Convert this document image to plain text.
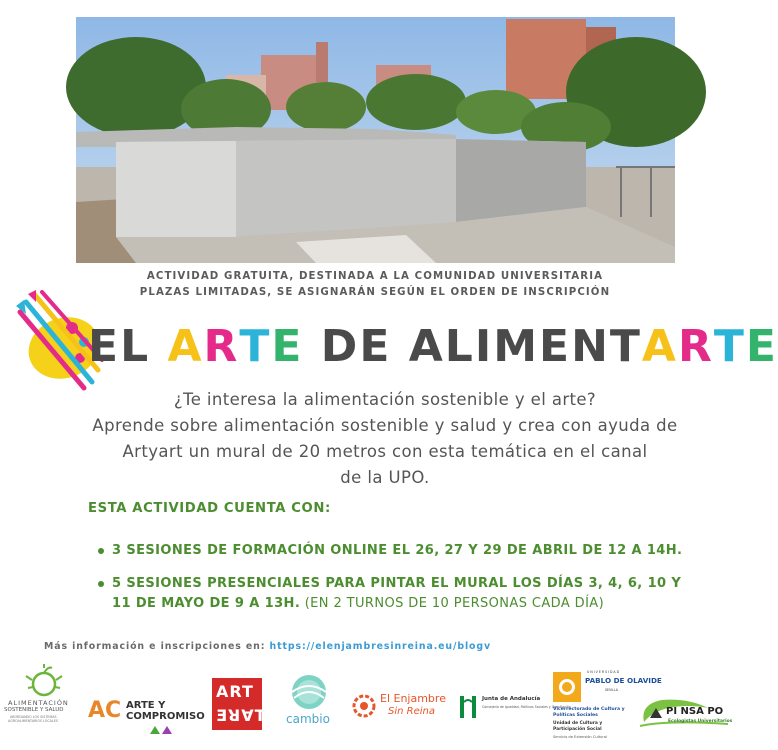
ACTIVIDAD GRATUITA, DESTINADA A LA COMUNIDAD UNIVERSITARIA
PLAZAS LIMITADAS, SE ASIGNARÁN SEGÚN EL ORDEN DE INSCRIPCIÓN
EL ARTE DE ALIMENTARTE
¿Te interesa la alimentación sostenible y el arte?
Aprende sobre alimentación sostenible y salud y crea con ayuda de
Artyart un mural de 20 metros con esta temática en el canal
de la UPO.
ESTA ACTIVIDAD CUENTA CON:
3 SESIONES DE FORMACIÓN ONLINE EL 26, 27 Y 29 DE ABRIL DE 12 A 14H.
5 SESIONES PRESENCIALES PARA PINTAR EL MURAL LOS DÍAS 3, 4, 6, 10 Y
11 DE MAYO DE 9 A 13H. (EN 2 TURNOS DE 10 PERSONAS CADA DÍA)
Más información e inscripciones en: https://elenjambresinreina.eu/blogv
ALIMENTACIÓN
SOSTENIBLE Y SALUD
ABORDANDO LOS SISTEMAS
AGROALIMENTARIOS LOCALES AC ARTE Y
COMPROMISO
ART
ƎꓤꓯT cambio
El Enjambre
Sin Reina
Junta de Andalucía
Consejería de Igualdad, Políticas Sociales y Conciliación
UNIVERSIDAD
PABLO DE OLAVIDE
SEVILLA
Vicerrectorado de Cultura y
Políticas Sociales
Unidad de Cultura y
Participación Social
Servicio de Extensión Cultural
PI NSA PO
Ecologistas Universitarios
